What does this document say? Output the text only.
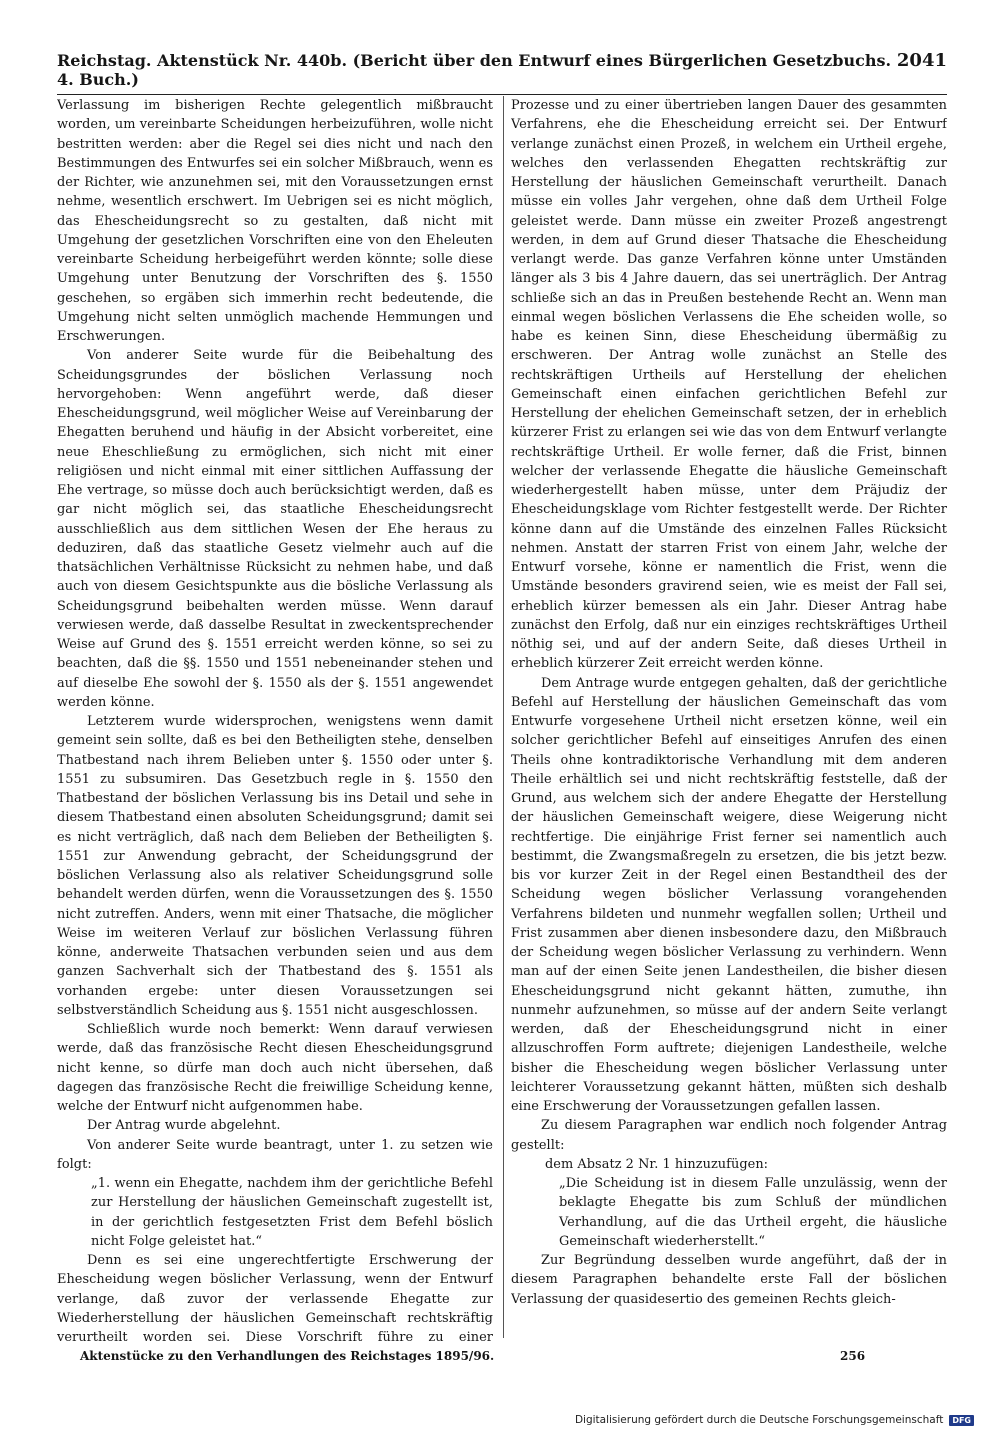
Reichstag. Aktenstück Nr. 440b. (Bericht über den Entwurf eines Bürgerlichen Gesetzbuchs. 4. Buch.)
2041

Verlassung im bisherigen Rechte gelegentlich mißbraucht worden, um vereinbarte Scheidungen herbeizuführen, wolle nicht bestritten werden: aber die Regel sei dies nicht und nach den Bestimmungen des Entwurfes sei ein solcher Mißbrauch, wenn es der Richter, wie anzunehmen sei, mit den Voraussetzungen ernst nehme, wesentlich erschwert. Im Uebrigen sei es nicht möglich, das Ehescheidungsrecht so zu gestalten, daß nicht mit Umgehung der gesetzlichen Vorschriften eine von den Eheleuten vereinbarte Scheidung herbeigeführt werden könnte; solle diese Umgehung unter Benutzung der Vorschriften des §. 1550 geschehen, so ergäben sich immerhin recht bedeutende, die Umgehung nicht selten unmöglich machende Hemmungen und Erschwerungen.

Von anderer Seite wurde für die Beibehaltung des Scheidungsgrundes der böslichen Verlassung noch hervorgehoben: Wenn angeführt werde, daß dieser Ehescheidungsgrund, weil möglicher Weise auf Vereinbarung der Ehegatten beruhend und häufig in der Absicht vorbereitet, eine neue Eheschließung zu ermöglichen, sich nicht mit einer religiösen und nicht einmal mit einer sittlichen Auffassung der Ehe vertrage, so müsse doch auch berücksichtigt werden, daß es gar nicht möglich sei, das staatliche Ehescheidungsrecht ausschließlich aus dem sittlichen Wesen der Ehe heraus zu deduziren, daß das staatliche Gesetz vielmehr auch auf die thatsächlichen Verhältnisse Rücksicht zu nehmen habe, und daß auch von diesem Gesichtspunkte aus die bösliche Verlassung als Scheidungsgrund beibehalten werden müsse. Wenn darauf verwiesen werde, daß dasselbe Resultat in zweckentsprechender Weise auf Grund des §. 1551 erreicht werden könne, so sei zu beachten, daß die §§. 1550 und 1551 nebeneinander stehen und auf dieselbe Ehe sowohl der §. 1550 als der §. 1551 angewendet werden könne.

Letzterem wurde widersprochen, wenigstens wenn damit gemeint sein sollte, daß es bei den Betheiligten stehe, denselben Thatbestand nach ihrem Belieben unter §. 1550 oder unter §. 1551 zu subsumiren. Das Gesetzbuch regle in §. 1550 den Thatbestand der böslichen Verlassung bis ins Detail und sehe in diesem Thatbestand einen absoluten Scheidungsgrund; damit sei es nicht verträglich, daß nach dem Belieben der Betheiligten §. 1551 zur Anwendung gebracht, der Scheidungsgrund der böslichen Verlassung also als relativer Scheidungsgrund solle behandelt werden dürfen, wenn die Voraussetzungen des §. 1550 nicht zutreffen. Anders, wenn mit einer Thatsache, die möglicher Weise im weiteren Verlauf zur böslichen Verlassung führen könne, anderweite Thatsachen verbunden seien und aus dem ganzen Sachverhalt sich der Thatbestand des §. 1551 als vorhanden ergebe: unter diesen Voraussetzungen sei selbstverständlich Scheidung aus §. 1551 nicht ausgeschlossen.

Schließlich wurde noch bemerkt: Wenn darauf verwiesen werde, daß das französische Recht diesen Ehescheidungsgrund nicht kenne, so dürfe man doch auch nicht übersehen, daß dagegen das französische Recht die freiwillige Scheidung kenne, welche der Entwurf nicht aufgenommen habe.

Der Antrag wurde abgelehnt.

Von anderer Seite wurde beantragt, unter 1. zu setzen wie folgt:

„1. wenn ein Ehegatte, nachdem ihm der gerichtliche Befehl zur Herstellung der häuslichen Gemeinschaft zugestellt ist, in der gerichtlich festgesetzten Frist dem Befehl böslich nicht Folge geleistet hat.“

Denn es sei eine ungerechtfertigte Erschwerung der Ehescheidung wegen böslicher Verlassung, wenn der Entwurf verlange, daß zuvor der verlassende Ehegatte zur Wiederherstellung der häuslichen Gemeinschaft rechtskräftig verurtheilt worden sei. Diese Vorschrift führe zu einer

Prozesse und zu einer übertrieben langen Dauer des gesammten Verfahrens, ehe die Ehescheidung erreicht sei. Der Entwurf verlange zunächst einen Prozeß, in welchem ein Urtheil ergehe, welches den verlassenden Ehegatten rechtskräftig zur Herstellung der häuslichen Gemeinschaft verurtheilt. Danach müsse ein volles Jahr vergehen, ohne daß dem Urtheil Folge geleistet werde. Dann müsse ein zweiter Prozeß angestrengt werden, in dem auf Grund dieser Thatsache die Ehescheidung verlangt werde. Das ganze Verfahren könne unter Umständen länger als 3 bis 4 Jahre dauern, das sei unerträglich. Der Antrag schließe sich an das in Preußen bestehende Recht an. Wenn man einmal wegen böslichen Verlassens die Ehe scheiden wolle, so habe es keinen Sinn, diese Ehescheidung übermäßig zu erschweren. Der Antrag wolle zunächst an Stelle des rechtskräftigen Urtheils auf Herstellung der ehelichen Gemeinschaft einen einfachen gerichtlichen Befehl zur Herstellung der ehelichen Gemeinschaft setzen, der in erheblich kürzerer Frist zu erlangen sei wie das von dem Entwurf verlangte rechtskräftige Urtheil. Er wolle ferner, daß die Frist, binnen welcher der verlassende Ehegatte die häusliche Gemeinschaft wiederhergestellt haben müsse, unter dem Präjudiz der Ehescheidungsklage vom Richter festgestellt werde. Der Richter könne dann auf die Umstände des einzelnen Falles Rücksicht nehmen. Anstatt der starren Frist von einem Jahr, welche der Entwurf vorsehe, könne er namentlich die Frist, wenn die Umstände besonders gravirend seien, wie es meist der Fall sei, erheblich kürzer bemessen als ein Jahr. Dieser Antrag habe zunächst den Erfolg, daß nur ein einziges rechtskräftiges Urtheil nöthig sei, und auf der andern Seite, daß dieses Urtheil in erheblich kürzerer Zeit erreicht werden könne.

Dem Antrage wurde entgegen gehalten, daß der gerichtliche Befehl auf Herstellung der häuslichen Gemeinschaft das vom Entwurfe vorgesehene Urtheil nicht ersetzen könne, weil ein solcher gerichtlicher Befehl auf einseitiges Anrufen des einen Theils ohne kontradiktorische Verhandlung mit dem anderen Theile erhältlich sei und nicht rechtskräftig feststelle, daß der Grund, aus welchem sich der andere Ehegatte der Herstellung der häuslichen Gemeinschaft weigere, diese Weigerung nicht rechtfertige. Die einjährige Frist ferner sei namentlich auch bestimmt, die Zwangsmaßregeln zu ersetzen, die bis jetzt bezw. bis vor kurzer Zeit in der Regel einen Bestandtheil des der Scheidung wegen böslicher Verlassung vorangehenden Verfahrens bildeten und nunmehr wegfallen sollen; Urtheil und Frist zusammen aber dienen insbesondere dazu, den Mißbrauch der Scheidung wegen böslicher Verlassung zu verhindern. Wenn man auf der einen Seite jenen Landestheilen, die bisher diesen Ehescheidungsgrund nicht gekannt hätten, zumuthe, ihn nunmehr aufzunehmen, so müsse auf der andern Seite verlangt werden, daß der Ehescheidungsgrund nicht in einer allzuschroffen Form auftrete; diejenigen Landestheile, welche bisher die Ehescheidung wegen böslicher Verlassung unter leichterer Voraussetzung gekannt hätten, müßten sich deshalb eine Erschwerung der Voraussetzungen gefallen lassen.

Zu diesem Paragraphen war endlich noch folgender Antrag gestellt:

dem Absatz 2 Nr. 1 hinzuzufügen:

„Die Scheidung ist in diesem Falle unzulässig, wenn der beklagte Ehegatte bis zum Schluß der mündlichen Verhandlung, auf die das Urtheil ergeht, die häusliche Gemeinschaft wiederherstellt.“

Zur Begründung desselben wurde angeführt, daß der in diesem Paragraphen behandelte erste Fall der böslichen Verlassung der quasidesertio des gemeinen Rechts gleich-

Aktenstücke zu den Verhandlungen des Reichstages 1895/96.	256
Digitalisierung gefördert durch die Deutsche Forschungsgemeinschaft	DFG
